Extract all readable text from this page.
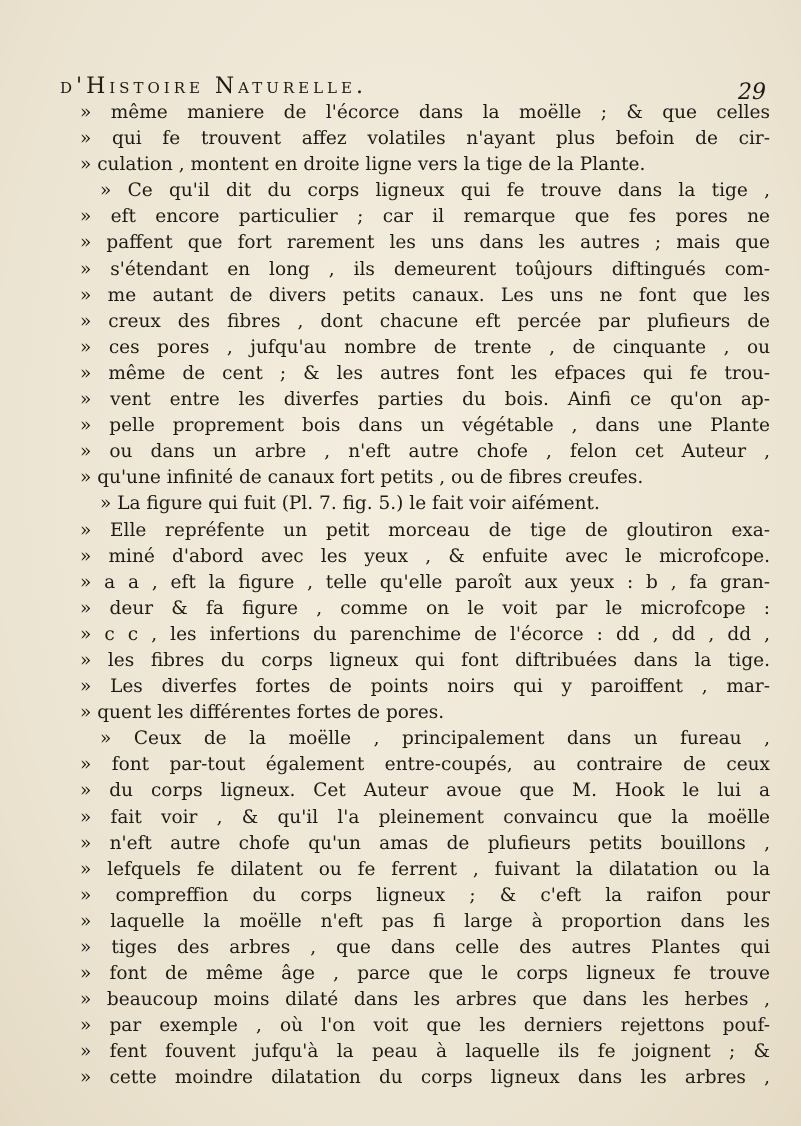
d'Histoire Naturelle.	29
» même maniere de l'écorce dans la moëlle ; & que celles
» qui fe trouvent affez volatiles n'ayant plus befoin de cir-
» culation , montent en droite ligne vers la tige de la Plante.
» Ce qu'il dit du corps ligneux qui fe trouve dans la tige ,
» eft encore particulier ; car il remarque que fes pores ne
» paffent que fort rarement les uns dans les autres ; mais que
» s'étendant en long , ils demeurent toûjours diftingués com-
» me autant de divers petits canaux. Les uns ne font que les
» creux des fibres , dont chacune eft percée par plufieurs de
» ces pores , jufqu'au nombre de trente , de cinquante , ou
» même de cent ; & les autres font les efpaces qui fe trou-
» vent entre les diverfes parties du bois. Ainfi ce qu'on ap-
» pelle proprement bois dans un végétable , dans une Plante
» ou dans un arbre , n'eft autre chofe , felon cet Auteur ,
» qu'une infinité de canaux fort petits , ou de fibres creufes.
» La figure qui fuit (Pl. 7. fig. 5.) le fait voir aifément.
» Elle repréfente un petit morceau de tige de gloutiron exa-
» miné d'abord avec les yeux , & enfuite avec le microfcope.
» a a , eft la figure , telle qu'elle paroît aux yeux : b , fa gran-
» deur & fa figure , comme on le voit par le microfcope :
» c c , les infertions du parenchime de l'écorce : dd , dd , dd ,
» les fibres du corps ligneux qui font diftribuées dans la tige.
» Les diverfes fortes de points noirs qui y paroiffent , mar-
» quent les différentes fortes de pores.
» Ceux de la moëlle , principalement dans un fureau ,
» font par-tout également entre-coupés, au contraire de ceux
» du corps ligneux. Cet Auteur avoue que M. Hook le lui a
» fait voir , & qu'il l'a pleinement convaincu que la moëlle
» n'eft autre chofe qu'un amas de plufieurs petits bouillons ,
» lefquels fe dilatent ou fe ferrent , fuivant la dilatation ou la
» compreffion du corps ligneux ; & c'eft la raifon pour
» laquelle la moëlle n'eft pas fi large à proportion dans les
» tiges des arbres , que dans celle des autres Plantes qui
» font de même âge , parce que le corps ligneux fe trouve
» beaucoup moins dilaté dans les arbres que dans les herbes ,
» par exemple , où l'on voit que les derniers rejettons pouf-
» fent fouvent jufqu'à la peau à laquelle ils fe joignent ; &
» cette moindre dilatation du corps ligneux dans les arbres ,
